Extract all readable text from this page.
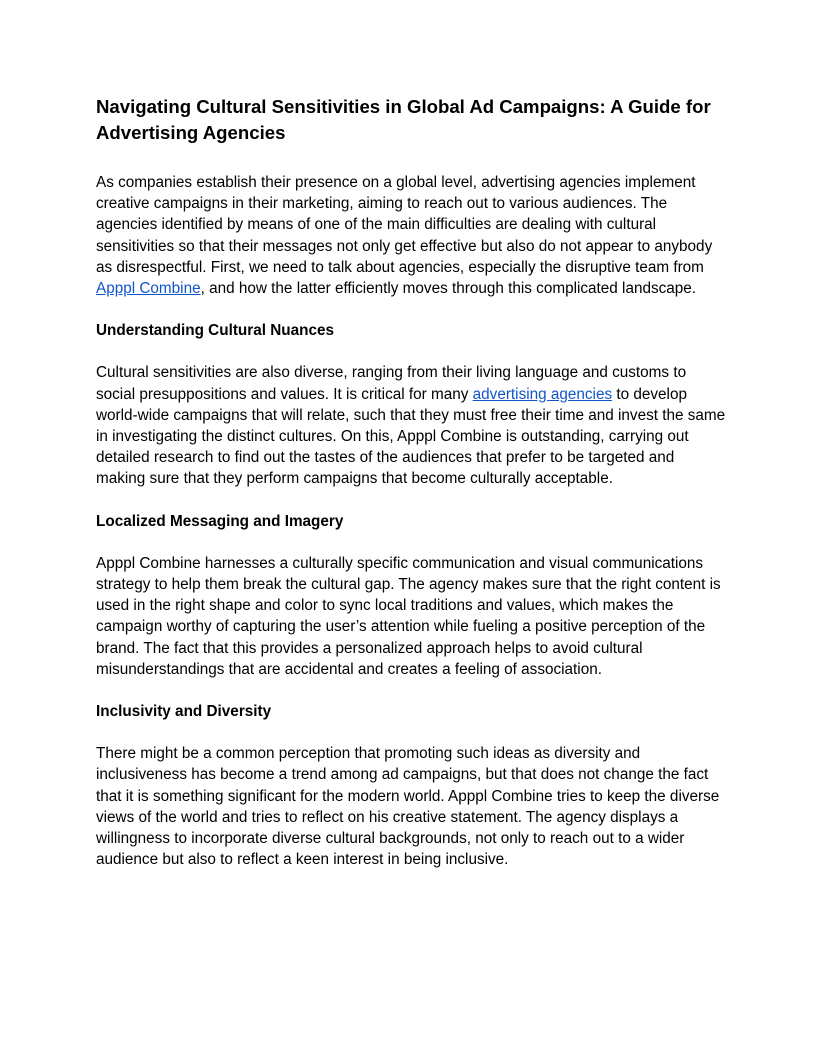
Navigating Cultural Sensitivities in Global Ad Campaigns: A Guide for Advertising Agencies

As companies establish their presence on a global level, advertising agencies implement creative campaigns in their marketing, aiming to reach out to various audiences. The agencies identified by means of one of the main difficulties are dealing with cultural sensitivities so that their messages not only get effective but also do not appear to anybody as disrespectful. First, we need to talk about agencies, especially the disruptive team from Apppl Combine, and how the latter efficiently moves through this complicated landscape.

Understanding Cultural Nuances

Cultural sensitivities are also diverse, ranging from their living language and customs to social presuppositions and values. It is critical for many advertising agencies to develop world-wide campaigns that will relate, such that they must free their time and invest the same in investigating the distinct cultures. On this, Apppl Combine is outstanding, carrying out detailed research to find out the tastes of the audiences that prefer to be targeted and making sure that they perform campaigns that become culturally acceptable.

Localized Messaging and Imagery

Apppl Combine harnesses a culturally specific communication and visual communications strategy to help them break the cultural gap. The agency makes sure that the right content is used in the right shape and color to sync local traditions and values, which makes the campaign worthy of capturing the user’s attention while fueling a positive perception of the brand. The fact that this provides a personalized approach helps to avoid cultural misunderstandings that are accidental and creates a feeling of association.

Inclusivity and Diversity

There might be a common perception that promoting such ideas as diversity and inclusiveness has become a trend among ad campaigns, but that does not change the fact that it is something significant for the modern world. Apppl Combine tries to keep the diverse views of the world and tries to reflect on his creative statement. The agency displays a willingness to incorporate diverse cultural backgrounds, not only to reach out to a wider audience but also to reflect a keen interest in being inclusive.
